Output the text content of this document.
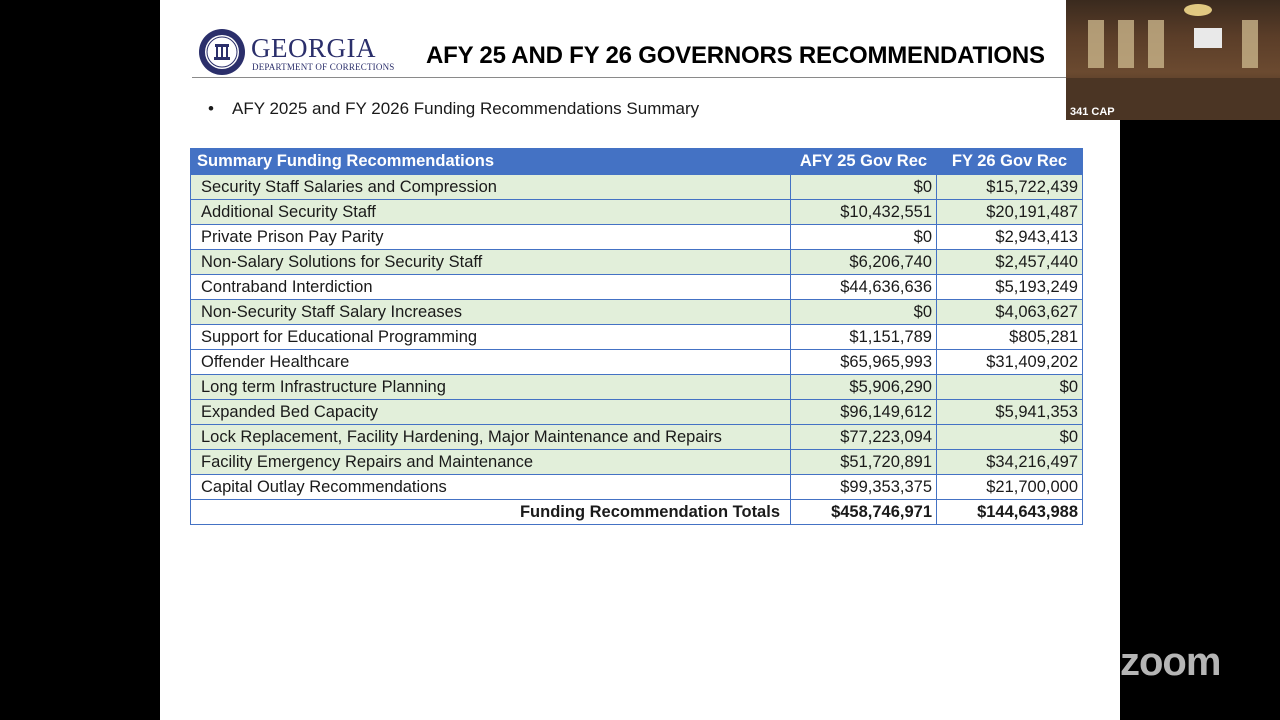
GEORGIA
DEPARTMENT OF CORRECTIONS AFY 25 AND FY 26 GOVERNORS RECOMMENDATIONS
• AFY 2025 and FY 2026 Funding Recommendations Summary
Summary Funding Recommendations	AFY 25 Gov Rec	FY 26 Gov Rec
Security Staff Salaries and Compression	$0	$15,722,439
Additional Security Staff	$10,432,551	$20,191,487
Private Prison Pay Parity	$0	$2,943,413
Non-Salary Solutions for Security Staff	$6,206,740	$2,457,440
Contraband Interdiction	$44,636,636	$5,193,249
Non-Security Staff Salary Increases	$0	$4,063,627
Support for Educational Programming	$1,151,789	$805,281
Offender Healthcare	$65,965,993	$31,409,202
Long term Infrastructure Planning	$5,906,290	$0
Expanded Bed Capacity	$96,149,612	$5,941,353
Lock Replacement, Facility Hardening, Major Maintenance and Repairs	$77,223,094	$0
Facility Emergency Repairs and Maintenance	$51,720,891	$34,216,497
Capital Outlay Recommendations	$99,353,375	$21,700,000
Funding Recommendation Totals	$458,746,971	$144,643,988
341 CAP
zoom
